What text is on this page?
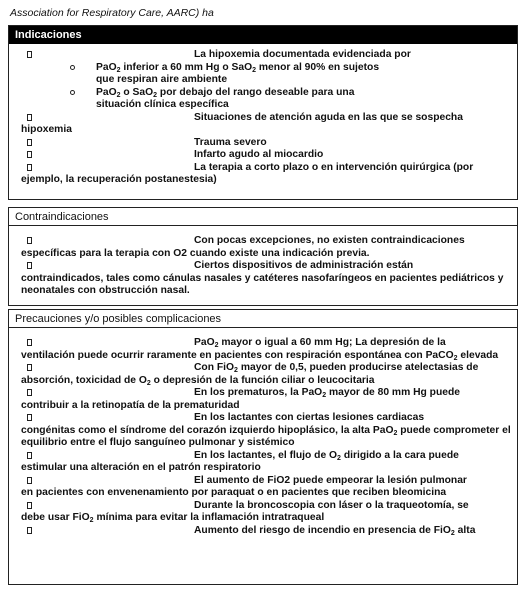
Association for Respiratory Care, AARC) ha
Indicaciones
La hipoxemia documentada evidenciada por
PaO$_2$ inferior a 60 mm Hg o SaO$_2$ menor al 90% en sujetos
que respiran aire ambiente
PaO$_2$ o SaO$_2$ por debajo del rango deseable para una
situación clínica específica
Situaciones de atención aguda en las que se sospecha
hipoxemia
Trauma severo
Infarto agudo al miocardio
La terapia a corto plazo o en intervención quirúrgica (por
ejemplo, la recuperación postanestesia)
Contraindicaciones
Con pocas excepciones, no existen contraindicaciones
específicas para la terapia con O2 cuando existe una indicación previa.
Ciertos dispositivos de administración están
contraindicados, tales como cánulas nasales y catéteres nasofaríngeos en pacientes pediátricos y neonatales con obstrucción nasal.
Precauciones y/o posibles complicaciones
PaO$_2$ mayor o igual a 60 mm Hg; La depresión de la
ventilación puede ocurrir raramente en pacientes con respiración espontánea con PaCO$_2$ elevada
Con FiO$_2$ mayor de 0,5, pueden producirse atelectasias de
absorción, toxicidad de $O_2$ o depresión de la función ciliar o leucocitaria
En los prematuros, la PaO$_2$ mayor de 80 mm Hg puede
contribuir a la retinopatía de la prematuridad
En los lactantes con ciertas lesiones cardiacas
congénitas como el síndrome del corazón izquierdo hipoplásico, la alta PaO$_2$ puede comprometer el equilibrio entre el flujo sanguíneo pulmonar y sistémico
En los lactantes, el flujo de $O_2$ dirigido a la cara puede
estimular una alteración en el patrón respiratorio
El aumento de FiO2 puede empeorar la lesión pulmonar
en pacientes con envenenamiento por paraquat o en pacientes que reciben bleomicina
Durante la broncoscopia con láser o la traqueotomía, se
debe usar FiO$_2$ mínima para evitar la inflamación intratraqueal
Aumento del riesgo de incendio en presencia de FiO$_2$ alta
